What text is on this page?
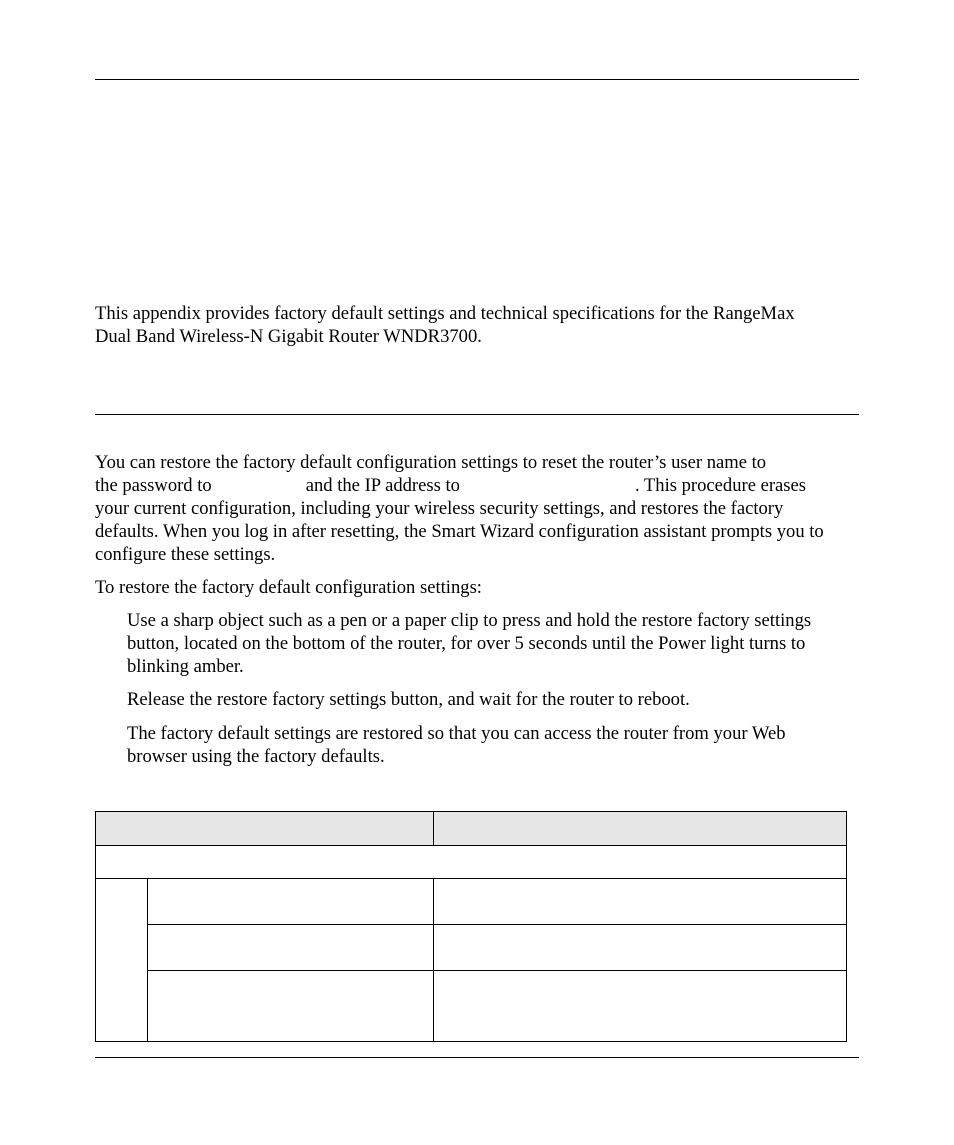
This appendix provides factory default settings and technical specifications for the RangeMax
Dual Band Wireless-N Gigabit Router WNDR3700.

You can restore the factory default configuration settings to reset the router’s user name to
the password to	and the IP address to	. This procedure erases
your current configuration, including your wireless security settings, and restores the factory
defaults. When you log in after resetting, the Smart Wizard configuration assistant prompts you to
configure these settings.

To restore the factory default configuration settings:

Use a sharp object such as a pen or a paper clip to press and hold the restore factory settings
button, located on the bottom of the router, for over 5 seconds until the Power light turns to
blinking amber.

Release the restore factory settings button, and wait for the router to reboot.

The factory default settings are restored so that you can access the router from your Web
browser using the factory defaults.
